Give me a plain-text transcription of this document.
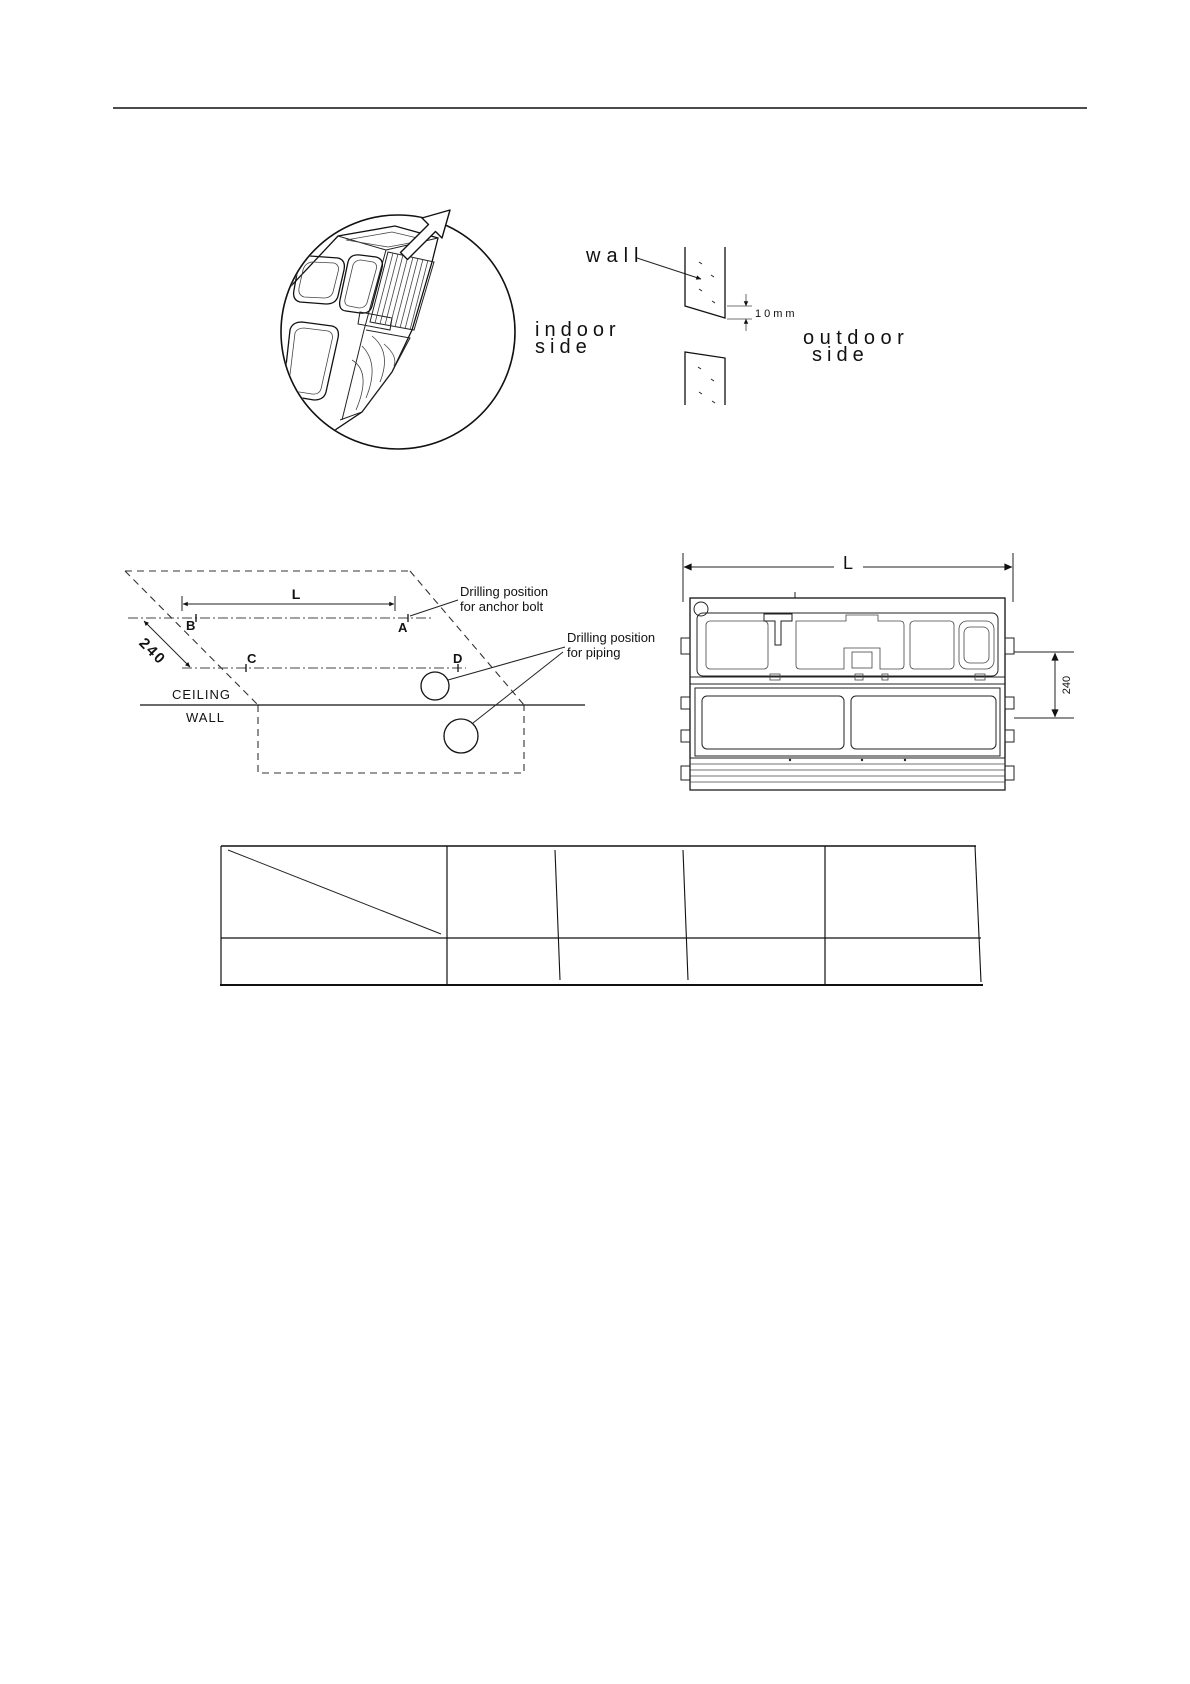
wall
10mm
indoor
side	outdoor
side
L
B	A
C	D
240
CEILING
WALL
Drilling position
for anchor bolt
Drilling position
for piping
L
240
